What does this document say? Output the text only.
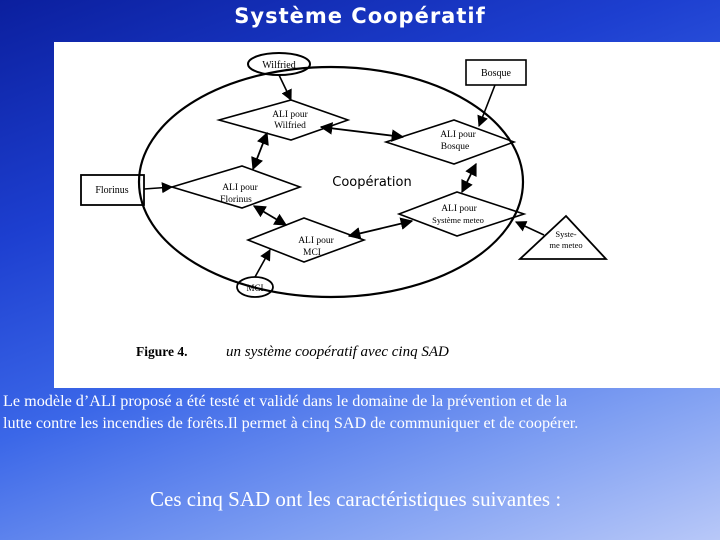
Système Coopératif
Wilfried
Bosque
Florinus
Syste-
me meteo
MCI
ALI pour
Wilfried
ALI pour
Bosque
ALI pour
Florinus
ALI pour
Système meteo
ALI pour
MCI
Coopération
Figure 4.	un système coopératif avec cinq SAD
Le modèle d’ALI proposé a été testé et validé dans le domaine de la prévention et de la
lutte contre les incendies de forêts.Il permet à cinq SAD de communiquer et de coopérer.
Ces cinq SAD ont les caractéristiques suivantes :
